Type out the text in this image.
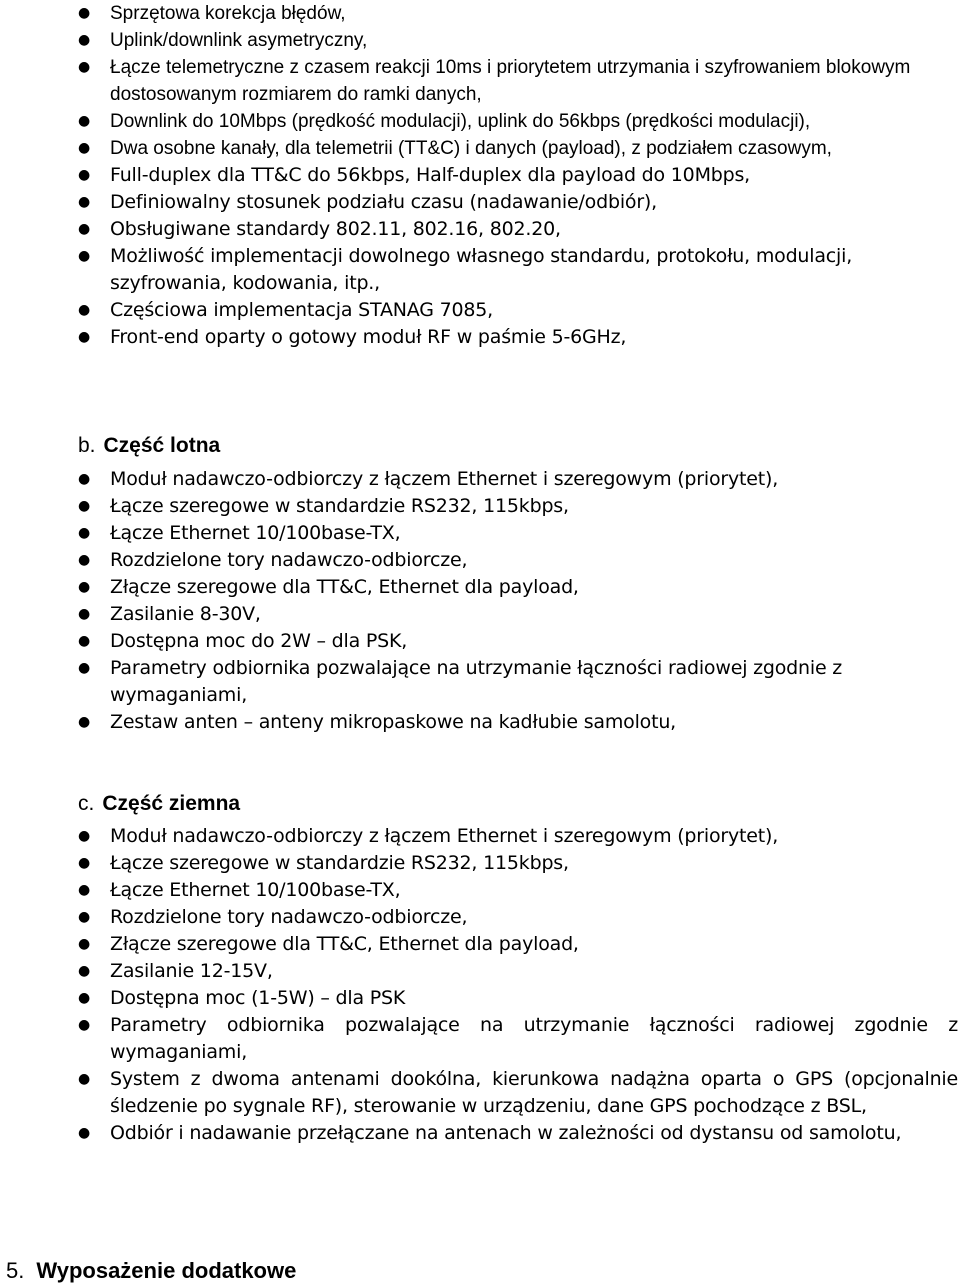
● Sprzętowa korekcja błędów,
● Uplink/downlink asymetryczny,
● Łącze telemetryczne z czasem reakcji 10ms i priorytetem utrzymania i szyfrowaniem blokowym dostosowanym rozmiarem do ramki danych,
● Downlink do 10Mbps (prędkość modulacji), uplink do 56kbps (prędkości modulacji),
● Dwa osobne kanały, dla telemetrii (TT&C) i danych (payload), z podziałem czasowym,
● Full-duplex dla TT&C do 56kbps, Half-duplex dla payload do 10Mbps,
● Definiowalny stosunek podziału czasu (nadawanie/odbiór),
● Obsługiwane standardy 802.11, 802.16, 802.20,
● Możliwość implementacji dowolnego własnego standardu, protokołu, modulacji, szyfrowania, kodowania, itp.,
● Częściowa implementacja STANAG 7085,
● Front-end oparty o gotowy moduł RF w paśmie 5-6GHz,
b. Część lotna
● Moduł nadawczo-odbiorczy z łączem Ethernet i szeregowym (priorytet),
● Łącze szeregowe w standardzie RS232, 115kbps,
● Łącze Ethernet 10/100base-TX,
● Rozdzielone tory nadawczo-odbiorcze,
● Złącze szeregowe dla TT&C, Ethernet dla payload,
● Zasilanie 8-30V,
● Dostępna moc do 2W – dla PSK,
● Parametry odbiornika pozwalające na utrzymanie łączności radiowej zgodnie z wymaganiami,
● Zestaw anten – anteny mikropaskowe na kadłubie samolotu,
c. Część ziemna
● Moduł nadawczo-odbiorczy z łączem Ethernet i szeregowym (priorytet),
● Łącze szeregowe w standardzie RS232, 115kbps,
● Łącze Ethernet 10/100base-TX,
● Rozdzielone tory nadawczo-odbiorcze,
● Złącze szeregowe dla TT&C, Ethernet dla payload,
● Zasilanie 12-15V,
● Dostępna moc (1-5W) – dla PSK
● Parametry odbiornika pozwalające na utrzymanie łączności radiowej zgodnie z wymaganiami,
● System z dwoma antenami dookólna, kierunkowa nadążna oparta o GPS (opcjonalnie śledzenie po sygnale RF), sterowanie w urządzeniu, dane GPS pochodzące z BSL,
● Odbiór i nadawanie przełączane na antenach w zależności od dystansu od samolotu,
5. Wyposażenie dodatkowe
